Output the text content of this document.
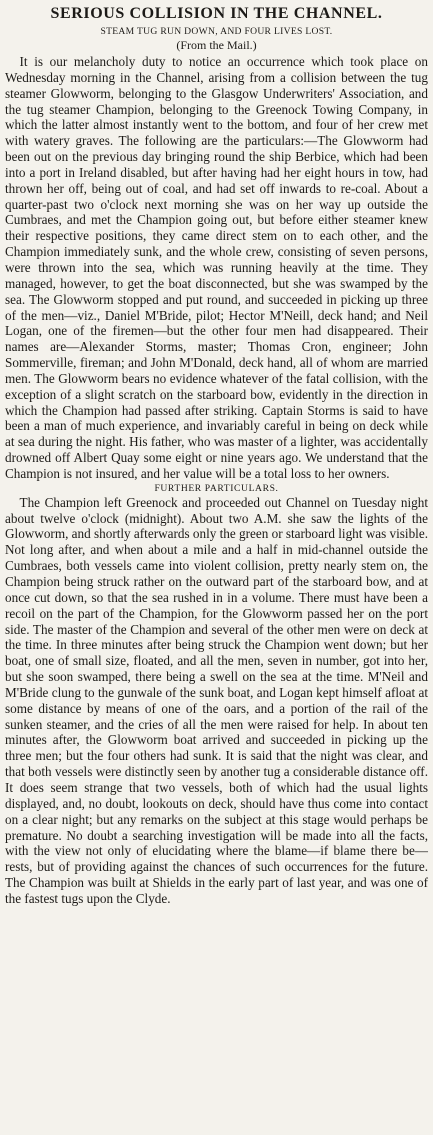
SERIOUS COLLISION IN THE CHANNEL.
STEAM TUG RUN DOWN, AND FOUR LIVES LOST.
(From the Mail.)

It is our melancholy duty to notice an occurrence which took place on Wednesday morning in the Channel, arising from a collision between the tug steamer Glowworm, belonging to the Glasgow Underwriters' Association, and the tug steamer Champion, belonging to the Greenock Towing Company, in which the latter almost instantly went to the bottom, and four of her crew met with watery graves. The following are the particulars:—The Glowworm had been out on the previous day bringing round the ship Berbice, which had been into a port in Ireland disabled, but after having had her eight hours in tow, had thrown her off, being out of coal, and had set off inwards to re-coal. About a quarter-past two o'clock next morning she was on her way up outside the Cumbraes, and met the Champion going out, but before either steamer knew their respective positions, they came direct stem on to each other, and the Champion immediately sunk, and the whole crew, consisting of seven persons, were thrown into the sea, which was running heavily at the time. They managed, however, to get the boat disconnected, but she was swamped by the sea. The Glowworm stopped and put round, and succeeded in picking up three of the men—viz., Daniel M'Bride, pilot; Hector M'Neill, deck hand; and Neil Logan, one of the firemen—but the other four men had disappeared. Their names are—Alexander Storms, master; Thomas Cron, engineer; John Sommerville, fireman; and John M'Donald, deck hand, all of whom are married men. The Glowworm bears no evidence whatever of the fatal collision, with the exception of a slight scratch on the starboard bow, evidently in the direction in which the Champion had passed after striking. Captain Storms is said to have been a man of much experience, and invariably careful in being on deck while at sea during the night. His father, who was master of a lighter, was accidentally drowned off Albert Quay some eight or nine years ago. We understand that the Champion is not insured, and her value will be a total loss to her owners.

FURTHER PARTICULARS.

The Champion left Greenock and proceeded out Channel on Tuesday night about twelve o'clock (midnight). About two A.M. she saw the lights of the Glowworm, and shortly afterwards only the green or starboard light was visible. Not long after, and when about a mile and a half in mid-channel outside the Cumbraes, both vessels came into violent collision, pretty nearly stem on, the Champion being struck rather on the outward part of the starboard bow, and at once cut down, so that the sea rushed in in a volume. There must have been a recoil on the part of the Champion, for the Glowworm passed her on the port side. The master of the Champion and several of the other men were on deck at the time. In three minutes after being struck the Champion went down; but her boat, one of small size, floated, and all the men, seven in number, got into her, but she soon swamped, there being a swell on the sea at the time. M'Neil and M'Bride clung to the gunwale of the sunk boat, and Logan kept himself afloat at some distance by means of one of the oars, and a portion of the rail of the sunken steamer, and the cries of all the men were raised for help. In about ten minutes after, the Glowworm boat arrived and succeeded in picking up the three men; but the four others had sunk. It is said that the night was clear, and that both vessels were distinctly seen by another tug a considerable distance off. It does seem strange that two vessels, both of which had the usual lights displayed, and, no doubt, lookouts on deck, should have thus come into contact on a clear night; but any remarks on the subject at this stage would perhaps be premature. No doubt a searching investigation will be made into all the facts, with the view not only of elucidating where the blame—if blame there be—rests, but of providing against the chances of such occurrences for the future. The Champion was built at Shields in the early part of last year, and was one of the fastest tugs upon the Clyde.
